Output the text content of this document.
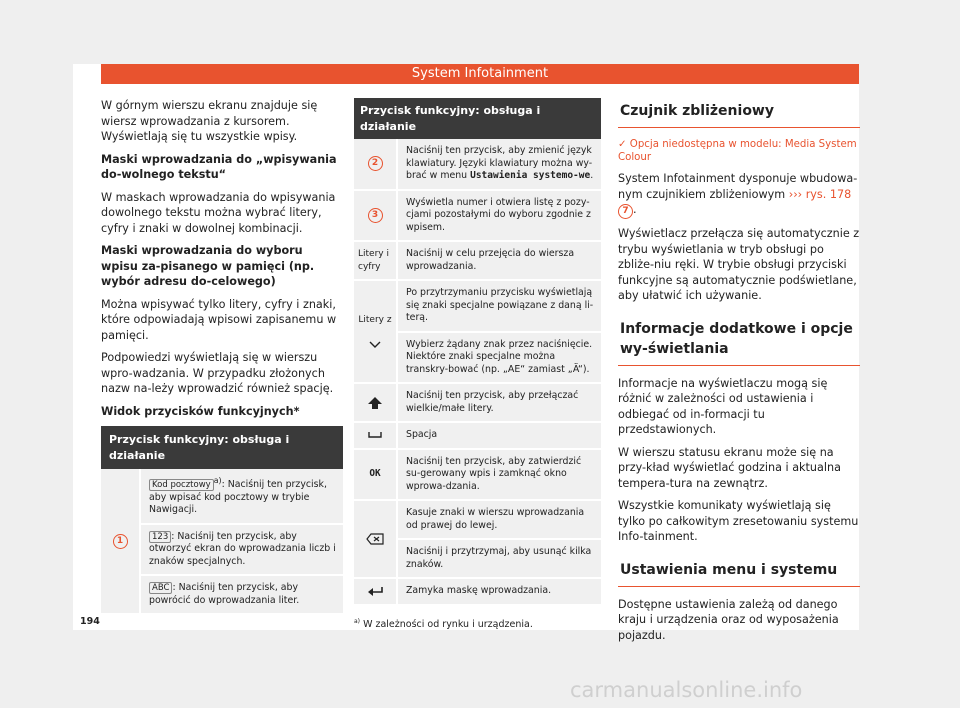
System Infotainment

W górnym wierszu ekranu znajduje się wiersz wprowadzania z kursorem. Wyświetlają się tu wszystkie wpisy.

Maski wprowadzania do „wpisywania do-wolnego tekstu“

W maskach wprowadzania do wpisywania dowolnego tekstu można wybrać litery, cyfry i znaki w dowolnej kombinacji.

Maski wprowadzania do wyboru wpisu za-pisanego w pamięci (np. wybór adresu do-celowego)

Można wpisywać tylko litery, cyfry i znaki, które odpowiadają wpisowi zapisanemu w pamięci.

Podpowiedzi wyświetlają się w wierszu wpro-wadzania. W przypadku złożonych nazw na-leży wprowadzić również spację.

Widok przycisków funkcyjnych*

Przycisk funkcyjny: obsługa i działanie
1	Kod pocztowy $^{a)}$: Naciśnij ten przycisk, aby wpisać kod pocztowy w trybie Nawigacji.
123 : Naciśnij ten przycisk, aby otworzyć ekran do wprowadzania liczb i znaków specjalnych.
ABC : Naciśnij ten przycisk, aby powrócić do wprowadzania liter.
Przycisk funkcyjny: obsługa i działanie	
2	Naciśnij ten przycisk, aby zmienić język klawiatury. Języki klawiatury można wy-brać w menu Ustawienia systemo-we.
3	Wyświetla numer i otwiera listę z pozy-cjami pozostałymi do wyboru zgodnie z wpisem.
Litery i cyfry	Naciśnij w celu przejęcia do wiersza wprowadzania.

Litery z	Po przytrzymaniu przycisku wyświetlają się znaki specjalne powiązane z daną li-terą.
	Wybierz żądany znak przez naciśnięcie. Niektóre znaki specjalne można transkry-bować (np. „AE“ zamiast „Ä“).

	Naciśnij ten przycisk, aby przełączać wielkie/małe litery.

	Spacja
OK	Naciśnij ten przycisk, aby zatwierdzić su-gerowany wpis i zamknąć okno wprowa-dzania.

	Kasuje znaki w wierszu wprowadzania od prawej do lewej.
	Naciśnij i przytrzymaj, aby usunąć kilka znaków.

	Zamyka maskę wprowadzania.
$^{a)}$ W zależności od rynku i urządzenia.
Czujnik zbliżeniowy

✓ Opcja niedostępna w modelu: Media System Colour

System Infotainment dysponuje wbudowa-nym czujnikiem zbliżeniowym ››› rys. 178 7 .

Wyświetlacz przełącza się automatycznie z trybu wyświetlania w tryb obsługi po zbliże-niu ręki. W trybie obsługi przyciski funkcyjne są automatycznie podświetlane, aby ułatwić ich używanie.

Informacje dodatkowe i opcje wy-świetlania

Informacje na wyświetlaczu mogą się różnić w zależności od ustawienia i odbiegać od in-formacji tu przedstawionych.

W wierszu statusu ekranu może się na przy-kład wyświetlać godzina i aktualna tempera-tura na zewnątrz.

Wszystkie komunikaty wyświetlają się tylko po całkowitym zresetowaniu systemu Info-tainment.

Ustawienia menu i systemu

Dostępne ustawienia zależą od danego kraju i urządzenia oraz od wyposażenia pojazdu.

194
carmanualsonline.info
